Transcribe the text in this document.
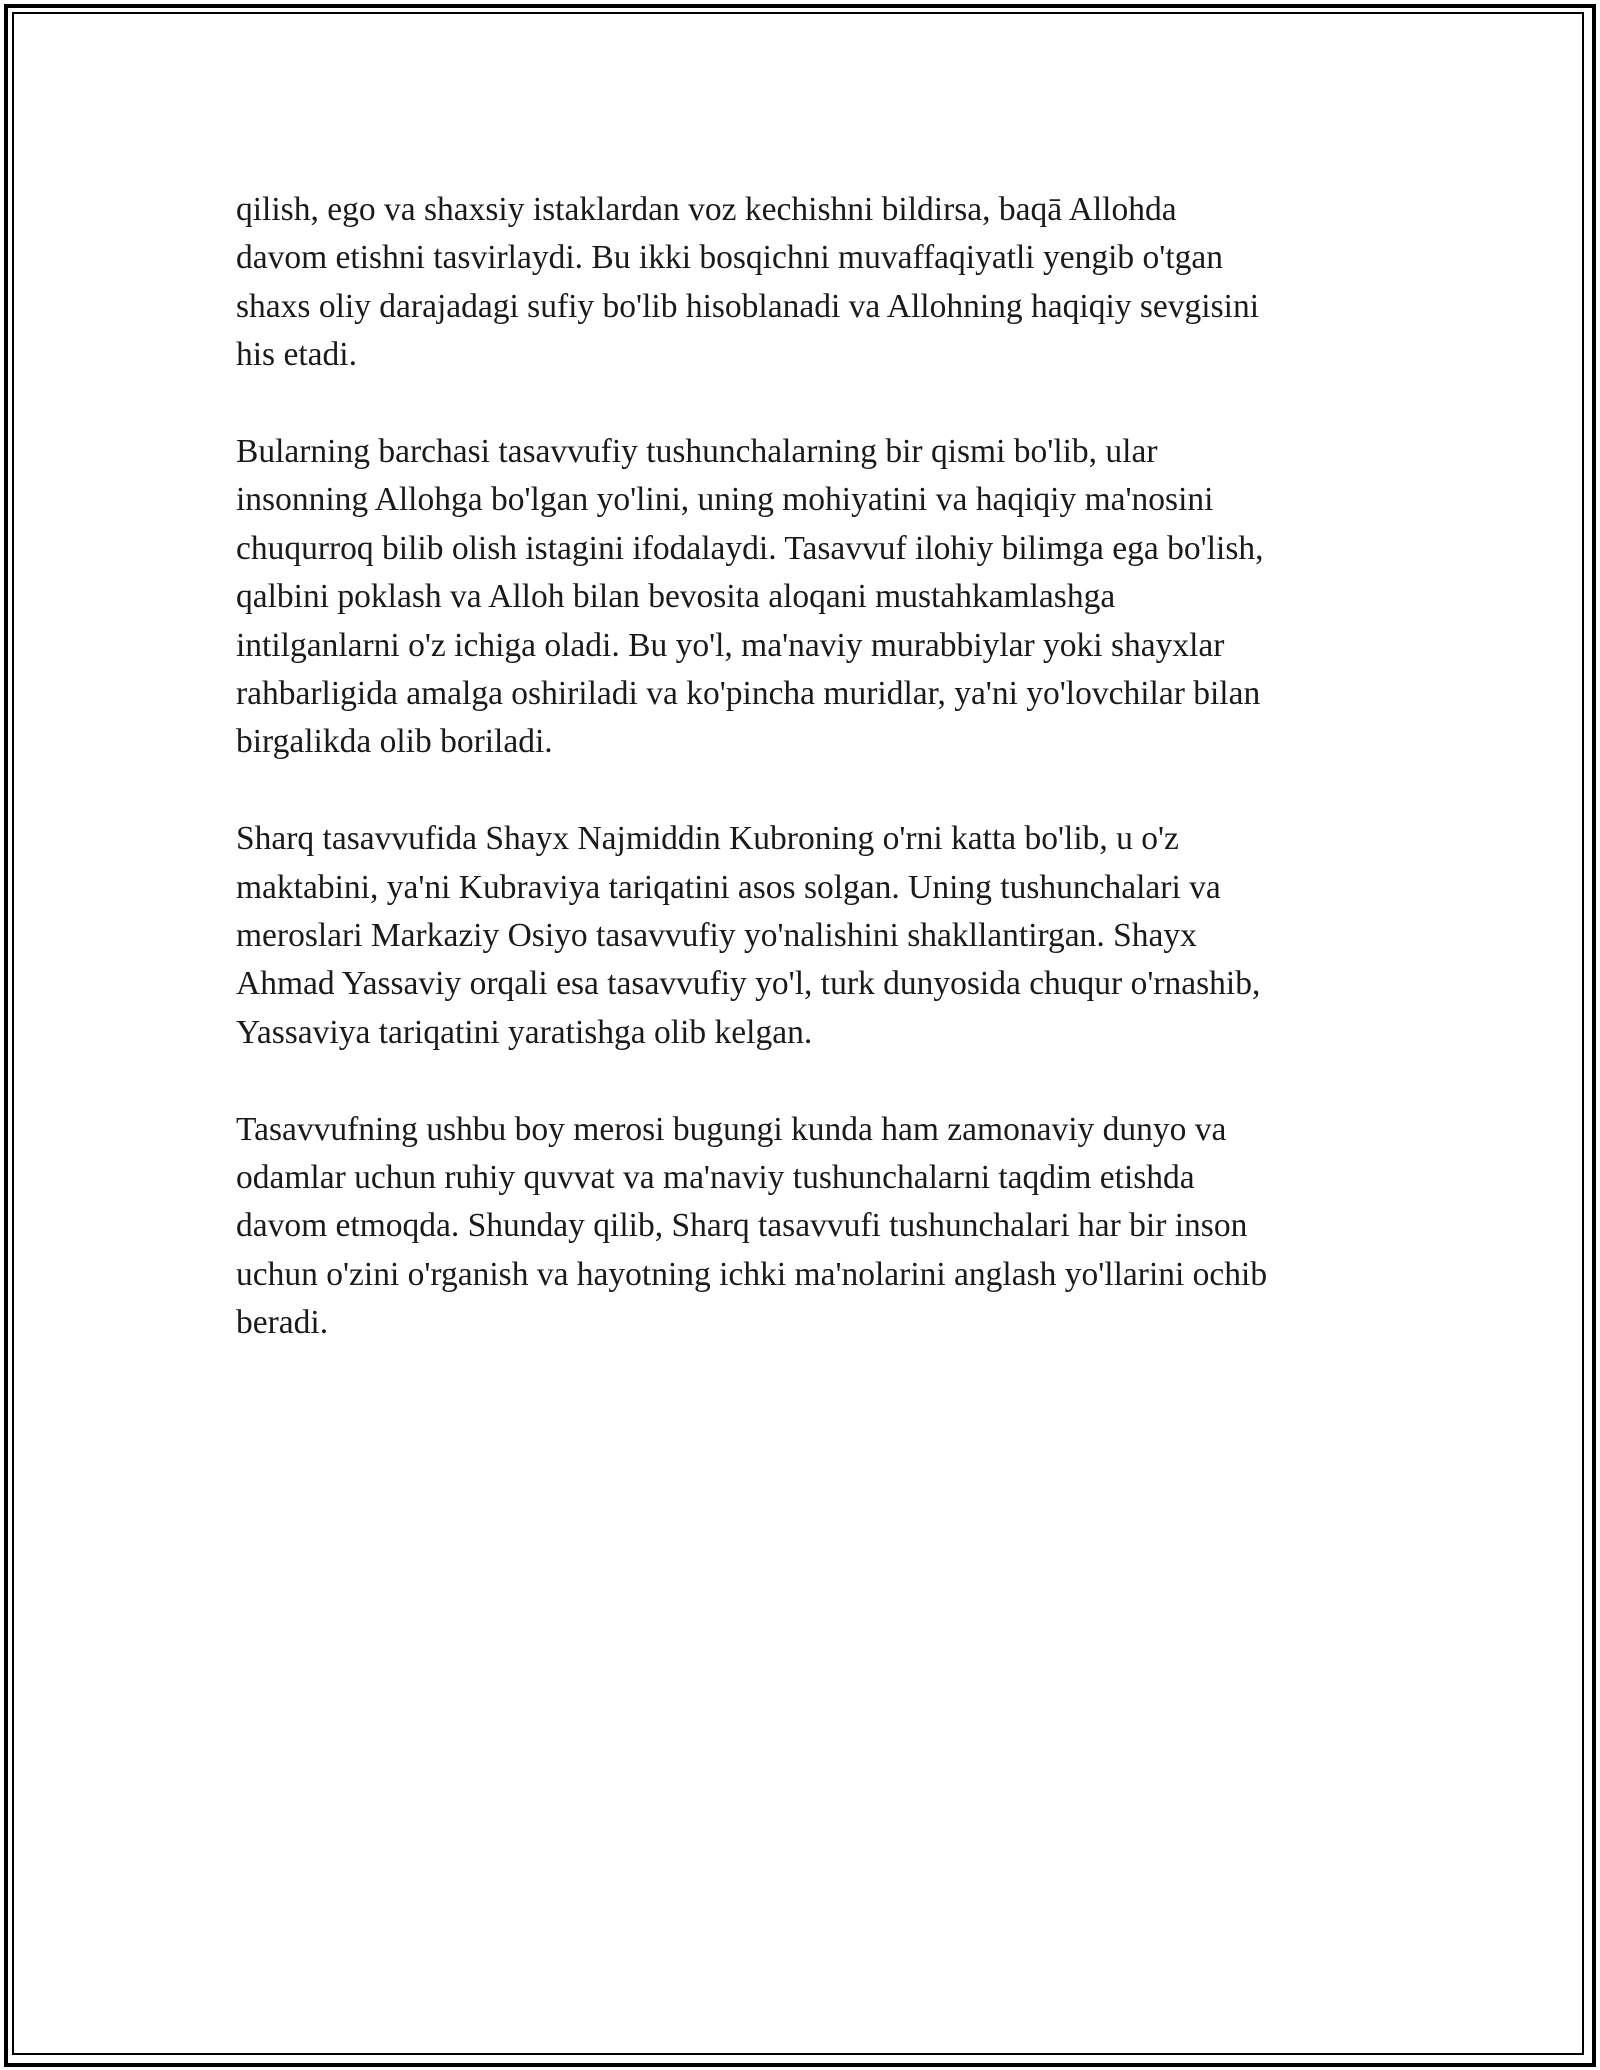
qilish, ego va shaxsiy istaklardan voz kechishni bildirsa, baqā Allohda
davom etishni tasvirlaydi. Bu ikki bosqichni muvaffaqiyatli yengib o'tgan
shaxs oliy darajadagi sufiy bo'lib hisoblanadi va Allohning haqiqiy sevgisini
his etadi.

Bularning barchasi tasavvufiy tushunchalarning bir qismi bo'lib, ular
insonning Allohga bo'lgan yo'lini, uning mohiyatini va haqiqiy ma'nosini
chuqurroq bilib olish istagini ifodalaydi. Tasavvuf ilohiy bilimga ega bo'lish,
qalbini poklash va Alloh bilan bevosita aloqani mustahkamlashga
intilganlarni o'z ichiga oladi. Bu yo'l, ma'naviy murabbiylar yoki shayxlar
rahbarligida amalga oshiriladi va ko'pincha muridlar, ya'ni yo'lovchilar bilan
birgalikda olib boriladi.

Sharq tasavvufida Shayx Najmiddin Kubroning o'rni katta bo'lib, u o'z
maktabini, ya'ni Kubraviya tariqatini asos solgan. Uning tushunchalari va
meroslari Markaziy Osiyo tasavvufiy yo'nalishini shakllantirgan. Shayx
Ahmad Yassaviy orqali esa tasavvufiy yo'l, turk dunyosida chuqur o'rnashib,
Yassaviya tariqatini yaratishga olib kelgan.

Tasavvufning ushbu boy merosi bugungi kunda ham zamonaviy dunyo va
odamlar uchun ruhiy quvvat va ma'naviy tushunchalarni taqdim etishda
davom etmoqda. Shunday qilib, Sharq tasavvufi tushunchalari har bir inson
uchun o'zini o'rganish va hayotning ichki ma'nolarini anglash yo'llarini ochib
beradi.
